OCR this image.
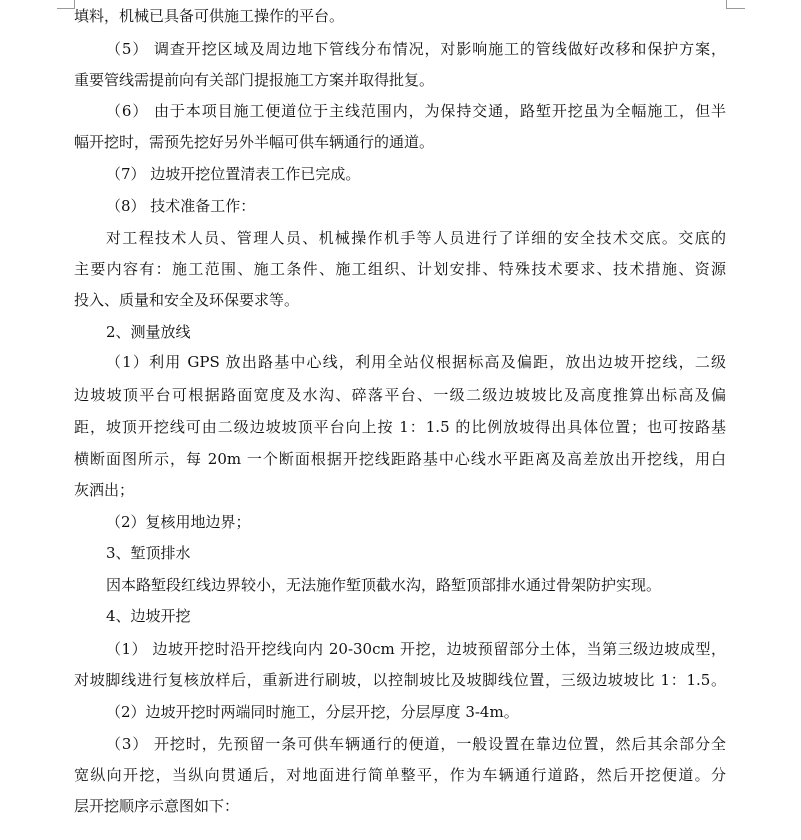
填料，机械已具备可供施工操作的平台。
（5） 调查开挖区域及周边地下管线分布情况，对影响施工的管线做好改移和保护方案，
重要管线需提前向有关部门提报施工方案并取得批复。
（6） 由于本项目施工便道位于主线范围内，为保持交通，路堑开挖虽为全幅施工，但半
幅开挖时，需预先挖好另外半幅可供车辆通行的通道。
（7） 边坡开挖位置清表工作已完成。
（8） 技术准备工作：
对工程技术人员、管理人员、机械操作机手等人员进行了详细的安全技术交底。交底的
主要内容有：施工范围、施工条件、施工组织、计划安排、特殊技术要求、技术措施、资源
投入、质量和安全及环保要求等。
2、测量放线
（1）利用 GPS 放出路基中心线，利用全站仪根据标高及偏距，放出边坡开挖线，二级
边坡坡顶平台可根据路面宽度及水沟、碎落平台、一级二级边坡坡比及高度推算出标高及偏
距，坡顶开挖线可由二级边坡坡顶平台向上按 1：1.5 的比例放坡得出具体位置；也可按路基
横断面图所示，每 20m 一个断面根据开挖线距路基中心线水平距离及高差放出开挖线，用白
灰洒出；
（2）复核用地边界；
3、堑顶排水
因本路堑段红线边界较小，无法施作堑顶截水沟，路堑顶部排水通过骨架防护实现。
4、边坡开挖
（1） 边坡开挖时沿开挖线向内 20-30cm 开挖，边坡预留部分土体，当第三级边坡成型，
对坡脚线进行复核放样后，重新进行刷坡，以控制坡比及坡脚线位置，三级边坡坡比 1：1.5。
（2）边坡开挖时两端同时施工，分层开挖，分层厚度 3-4m。
（3） 开挖时，先预留一条可供车辆通行的便道，一般设置在靠边位置，然后其余部分全
宽纵向开挖，当纵向贯通后，对地面进行简单整平，作为车辆通行道路，然后开挖便道。分
层开挖顺序示意图如下：
